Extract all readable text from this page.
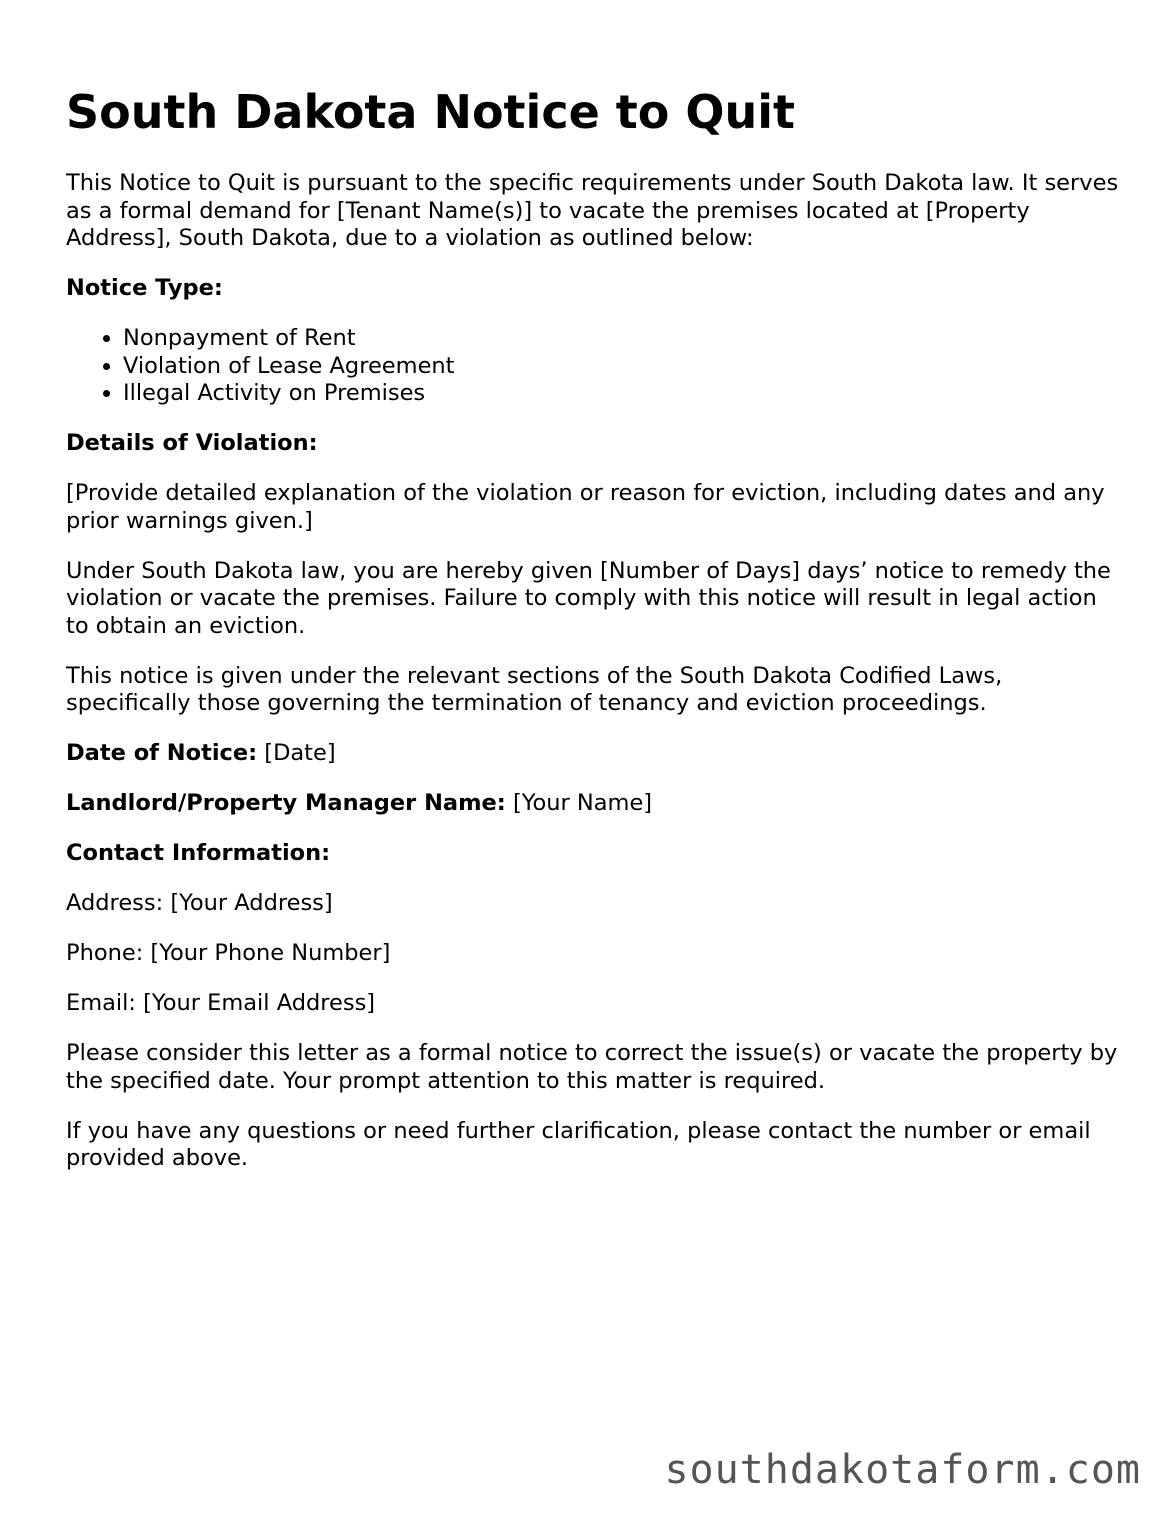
South Dakota Notice to Quit

This Notice to Quit is pursuant to the specific requirements under South Dakota law. It serves as a formal demand for [Tenant Name(s)] to vacate the premises located at [Property Address], South Dakota, due to a violation as outlined below:

Notice Type:

• Nonpayment of Rent
• Violation of Lease Agreement
• Illegal Activity on Premises

Details of Violation:

[Provide detailed explanation of the violation or reason for eviction, including dates and any prior warnings given.]

Under South Dakota law, you are hereby given [Number of Days] days’ notice to remedy the violation or vacate the premises. Failure to comply with this notice will result in legal action to obtain an eviction.

This notice is given under the relevant sections of the South Dakota Codified Laws, specifically those governing the termination of tenancy and eviction proceedings.

Date of Notice: [Date]

Landlord/Property Manager Name: [Your Name]

Contact Information:

Address: [Your Address]

Phone: [Your Phone Number]

Email: [Your Email Address]

Please consider this letter as a formal notice to correct the issue(s) or vacate the property by the specified date. Your prompt attention to this matter is required.

If you have any questions or need further clarification, please contact the number or email provided above.

southdakotaform.com
